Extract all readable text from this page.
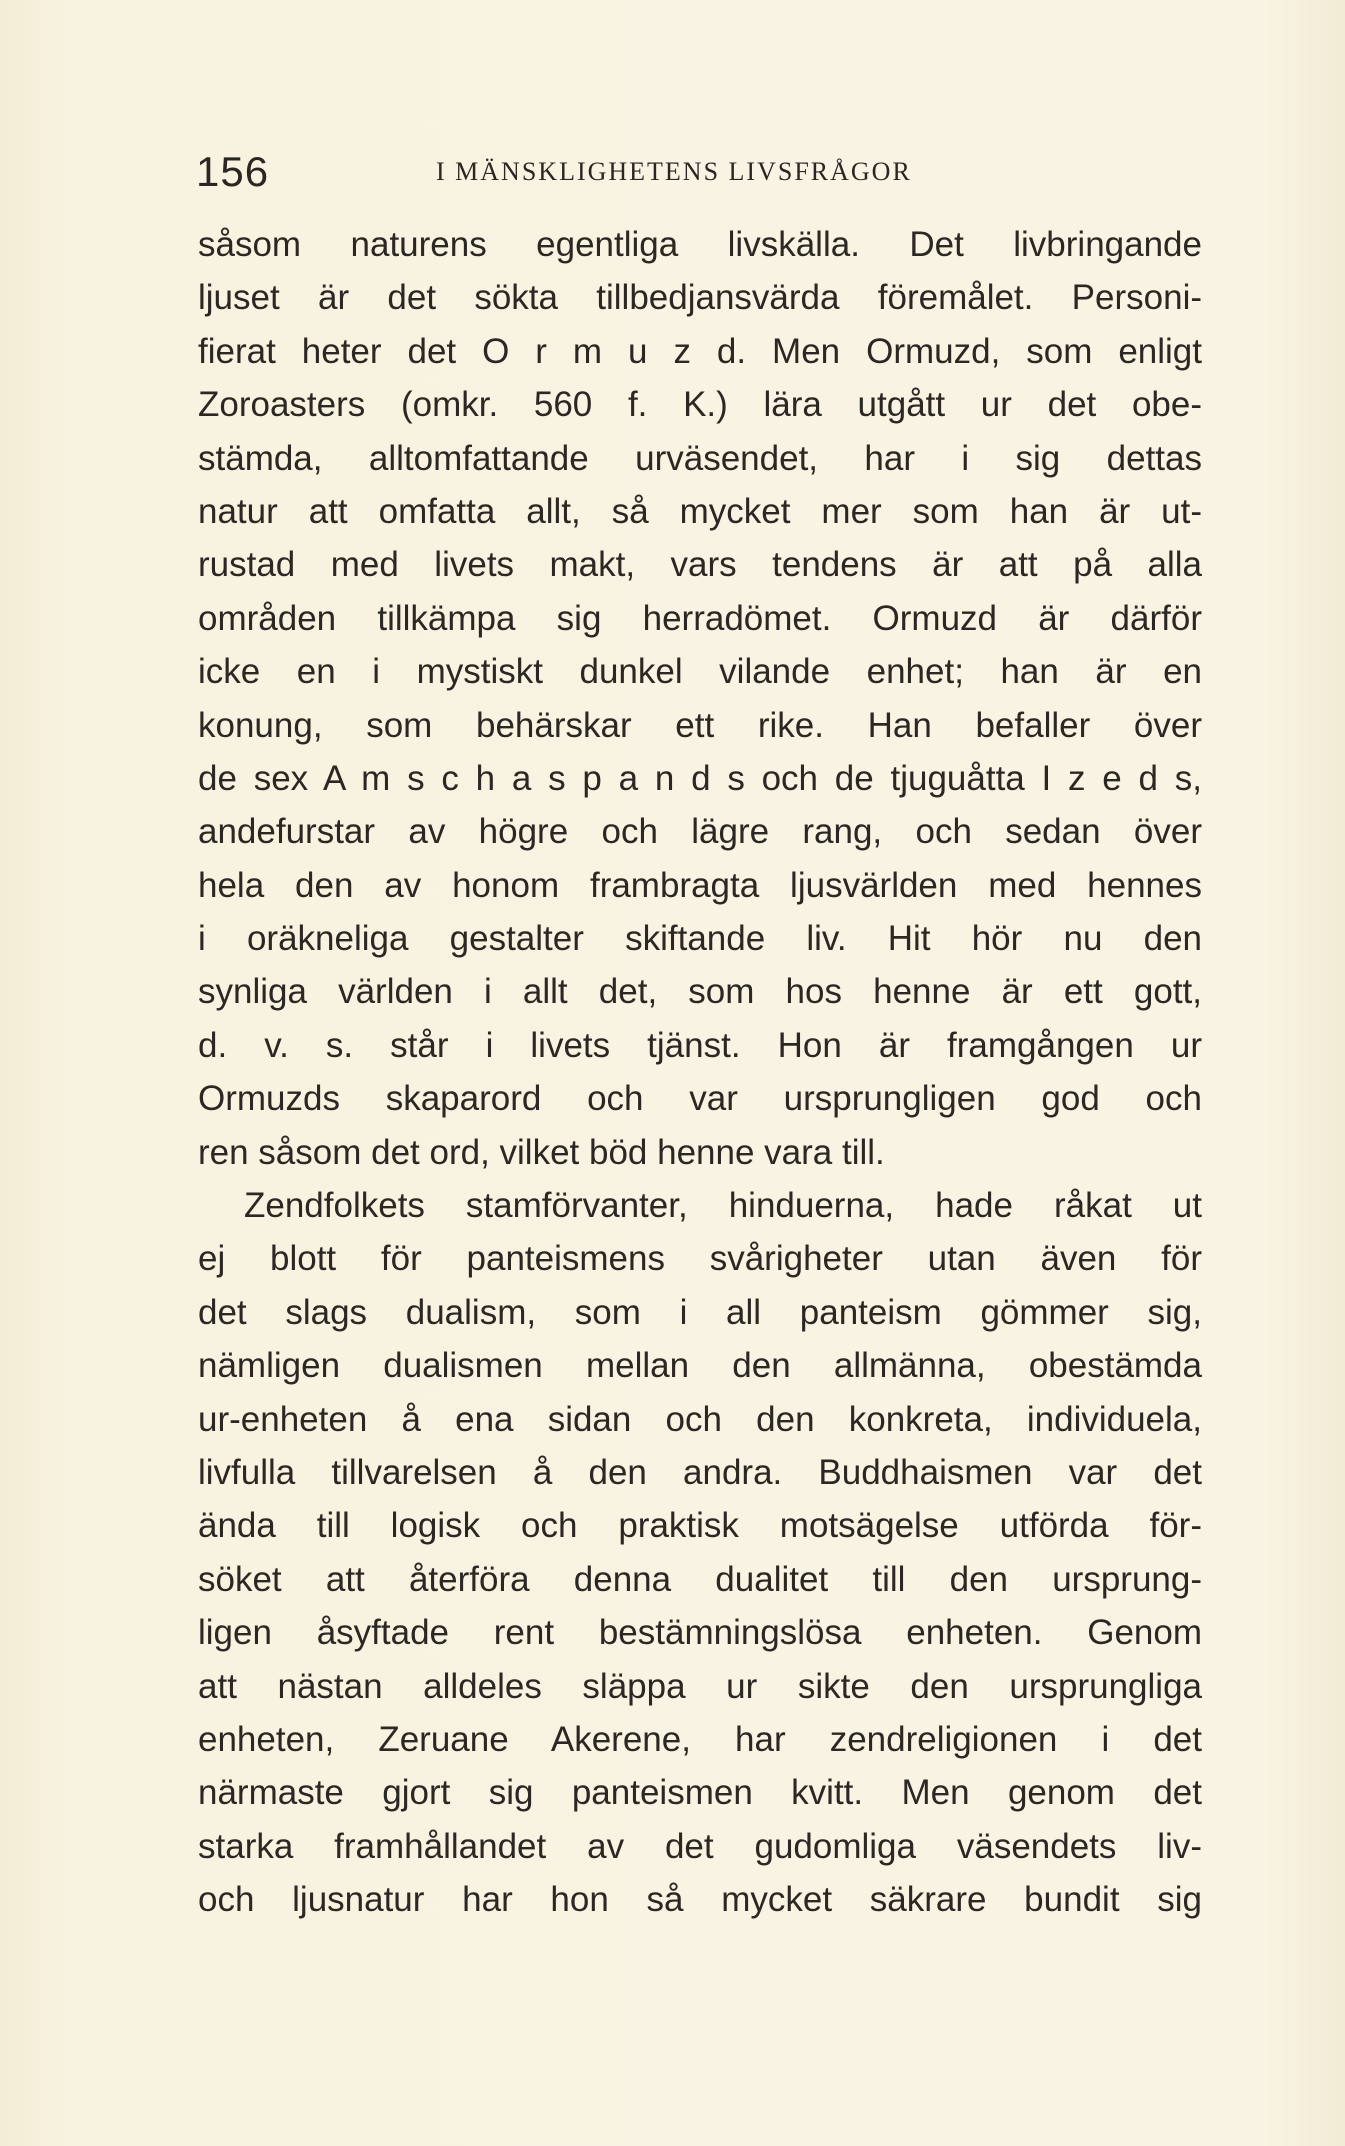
156	I MÄNSKLIGHETENS LIVSFRÅGOR
såsom naturens egentliga livskälla. Det livbringande
ljuset är det sökta tillbedjansvärda föremålet. Personi-
fierat heter det O r m u z d. Men Ormuzd, som enligt
Zoroasters (omkr. 560 f. K.) lära utgått ur det obe-
stämda, alltomfattande urväsendet, har i sig dettas
natur att omfatta allt, så mycket mer som han är ut-
rustad med livets makt, vars tendens är att på alla
områden tillkämpa sig herradömet. Ormuzd är därför
icke en i mystiskt dunkel vilande enhet; han är en
konung, som behärskar ett rike. Han befaller över
de sex A m s c h a s p a n d s och de tjuguåtta I z e d s,
andefurstar av högre och lägre rang, och sedan över
hela den av honom frambragta ljusvärlden med hennes
i oräkneliga gestalter skiftande liv. Hit hör nu den
synliga världen i allt det, som hos henne är ett gott,
d. v. s. står i livets tjänst. Hon är framgången ur
Ormuzds skaparord och var ursprungligen god och
ren såsom det ord, vilket böd henne vara till.
Zendfolkets stamförvanter, hinduerna, hade råkat ut
ej blott för panteismens svårigheter utan även för
det slags dualism, som i all panteism gömmer sig,
nämligen dualismen mellan den allmänna, obestämda
ur-enheten å ena sidan och den konkreta, individuela,
livfulla tillvarelsen å den andra. Buddhaismen var det
ända till logisk och praktisk motsägelse utförda för-
söket att återföra denna dualitet till den ursprung-
ligen åsyftade rent bestämningslösa enheten. Genom
att nästan alldeles släppa ur sikte den ursprungliga
enheten, Zeruane Akerene, har zendreligionen i det
närmaste gjort sig panteismen kvitt. Men genom det
starka framhållandet av det gudomliga väsendets liv-
och ljusnatur har hon så mycket säkrare bundit sig
